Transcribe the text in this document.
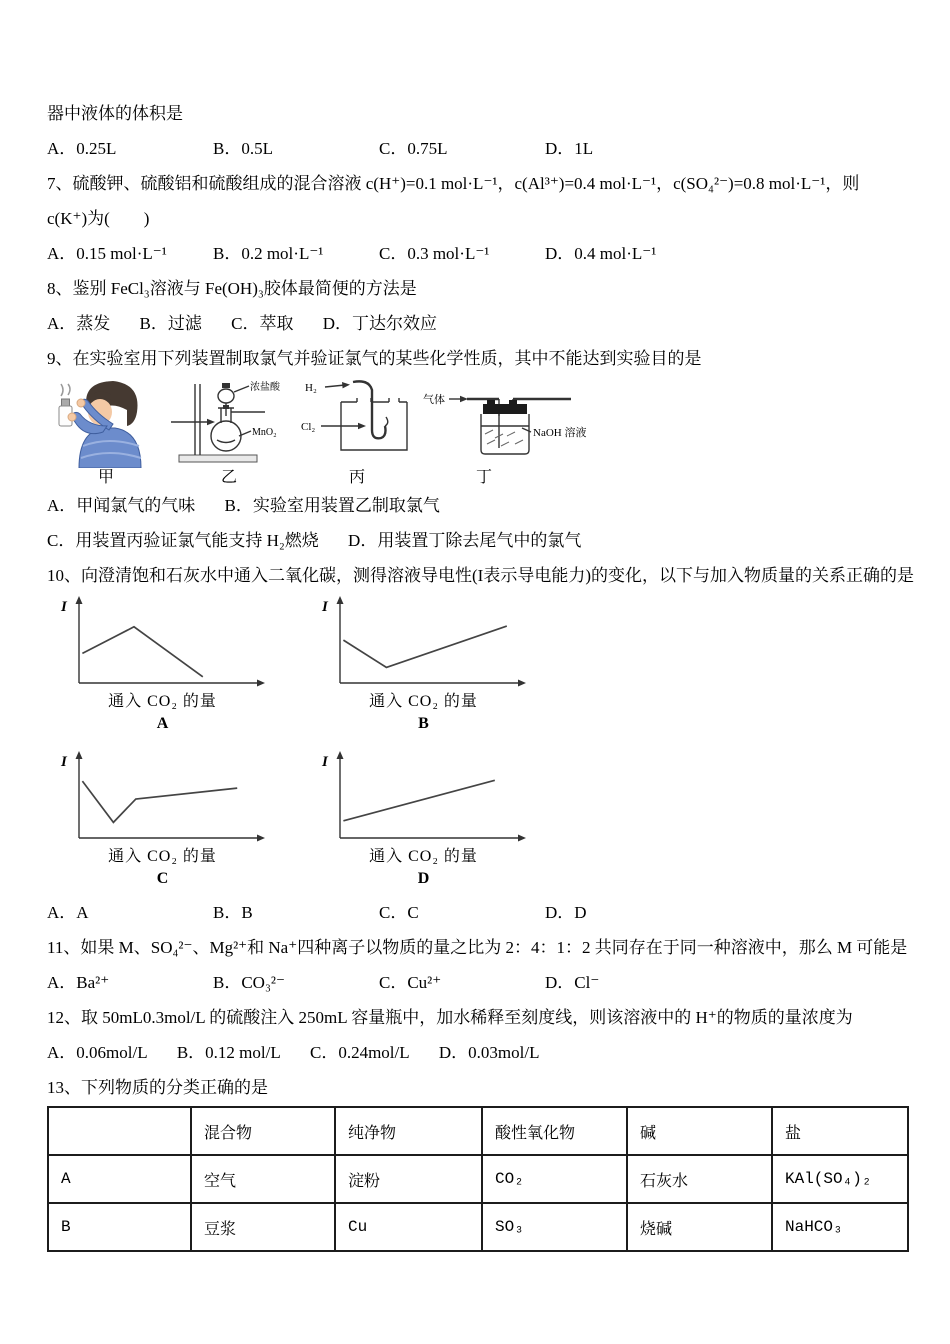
器中液体的体积是
A．0.25L	B．0.5L	C．0.75L	D．1L
7、硫酸钾、硫酸铝和硫酸组成的混合溶液 c(H⁺)=0.1 mol·L⁻¹，c(Al³⁺)=0.4 mol·L⁻¹，c(SO₄²⁻)=0.8 mol·L⁻¹，则
c(K⁺)为(　　)
A．0.15 mol·L⁻¹	B．0.2 mol·L⁻¹	C．0.3 mol·L⁻¹	D．0.4 mol·L⁻¹
8、鉴别 FeCl₃溶液与 Fe(OH)₃胶体最简便的方法是
A．蒸发 B．过滤 C．萃取 D．丁达尔效应
9、在实验室用下列装置制取氯气并验证氯气的某些化学性质，其中不能达到实验目的是
甲
浓盐酸
MnO₂
乙
H₂
Cl₂
丙
气体
NaOH 溶液
丁
A．甲闻氯气的气味 B．实验室用装置乙制取氯气
C．用装置丙验证氯气能支持 H₂燃烧 D．用装置丁除去尾气中的氯气
10、向澄清饱和石灰水中通入二氧化碳，测得溶液导电性(I表示导电能力)的变化，以下与加入物质量的关系正确的是
I
通入 CO₂ 的量
A
I
通入 CO₂ 的量
B
I
通入 CO₂ 的量
C
I
通入 CO₂ 的量
D
A．A	B．B	C．C	D．D
11、如果 M、SO₄²⁻、Mg²⁺和 Na⁺四种离子以物质的量之比为 2：4：1：2 共同存在于同一种溶液中，那么 M 可能是
A．Ba²⁺	B．CO₃²⁻	C．Cu²⁺	D．Cl⁻
12、取 50mL0.3mol/L 的硫酸注入 250mL 容量瓶中，加水稀释至刻度线，则该溶液中的 H⁺的物质的量浓度为
A．0.06mol/L B．0.12 mol/L C．0.24mol/L D．0.03mol/L
13、下列物质的分类正确的是
	混合物	纯净物	酸性氧化物	碱	盐
A	空气	淀粉	CO₂	石灰水	KAl(SO₄)₂
B	豆浆	Cu	SO₃	烧碱	NaHCO₃
